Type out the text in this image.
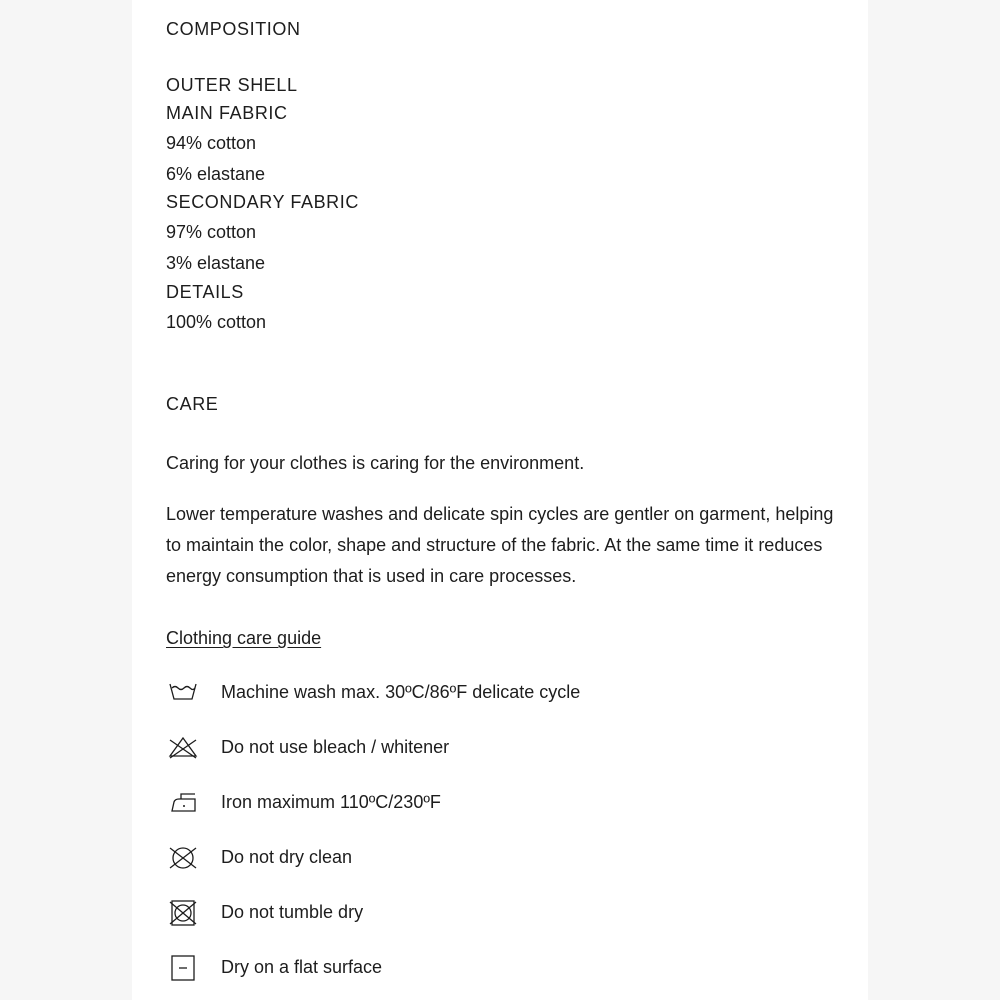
COMPOSITION
OUTER SHELL
MAIN FABRIC
94% cotton
6% elastane
SECONDARY FABRIC
97% cotton
3% elastane
DETAILS
100% cotton
CARE
Caring for your clothes is caring for the environment.
Lower temperature washes and delicate spin cycles are gentler on garment, helping to maintain the color, shape and structure of the fabric. At the same time it reduces energy consumption that is used in care processes.
Clothing care guide
Machine wash max. 30ºC/86ºF delicate cycle
Do not use bleach / whitener
Iron maximum 110ºC/230ºF
Do not dry clean
Do not tumble dry
Dry on a flat surface
